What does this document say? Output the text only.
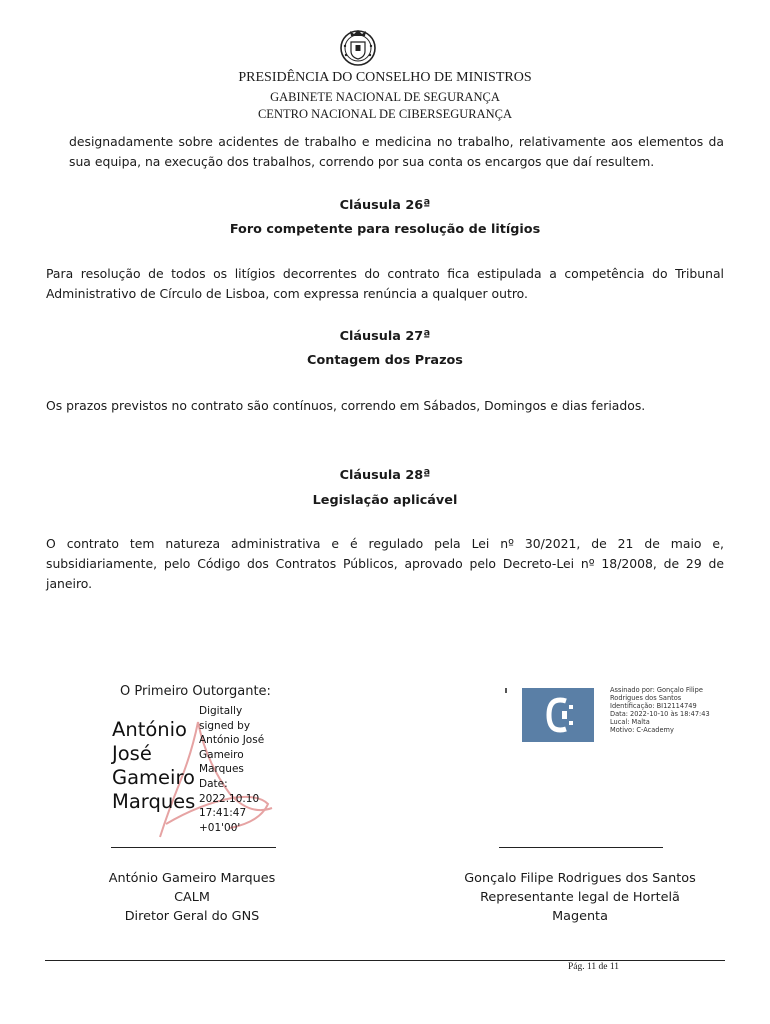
PRESIDÊNCIA DO CONSELHO DE MINISTROS
GABINETE NACIONAL DE SEGURANÇA
CENTRO NACIONAL DE CIBERSEGURANÇA
designadamente sobre acidentes de trabalho e medicina no trabalho, relativamente aos elementos da sua equipa, na execução dos trabalhos, correndo por sua conta os encargos que daí resultem.
Cláusula 26ª
Foro competente para resolução de litígios
Para resolução de todos os litígios decorrentes do contrato fica estipulada a competência do Tribunal Administrativo de Círculo de Lisboa, com expressa renúncia a qualquer outro.
Cláusula 27ª
Contagem dos Prazos
Os prazos previstos no contrato são contínuos, correndo em Sábados, Domingos e dias feriados.
Cláusula 28ª
Legislação aplicável
O contrato tem natureza administrativa e é regulado pela Lei nº 30/2021, de 21 de maio e, subsidiariamente, pelo Código dos Contratos Públicos, aprovado pelo Decreto-Lei nº 18/2008, de 29 de janeiro.
O Primeiro Outorgante:
António
José
Gameiro
Marques
Digitally
signed by
António José
Gameiro
Marques
Date:
2022.10.10
17:41:47
+01'00'
António Gameiro Marques
CALM
Diretor Geral do GNS
Assinado por: Gonçalo Filipe
Rodrigues dos Santos
Identificação: BI12114749
Data: 2022-10-10 às 18:47:43
Lucal: Malta
Motivo: C-Academy
Gonçalo Filipe Rodrigues dos Santos
Representante legal de Hortelã
Magenta
Pág. 11 de 11
